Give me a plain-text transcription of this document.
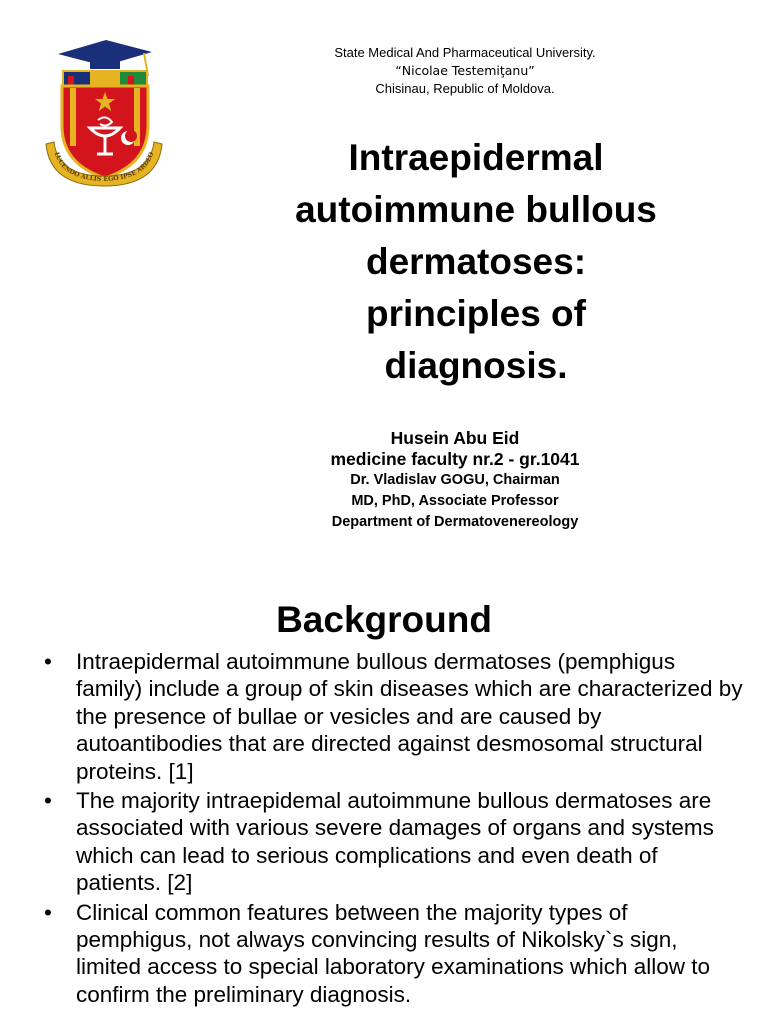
LUCENDO ALLIS EGO IPSE ARDEO
State Medical And Pharmaceutical University.
“Nicolae Testemiţanu”
Chisinau, Republic of Moldova.
Intraepidermal
autoimmune bullous
dermatoses:
principles of
diagnosis.
Husein Abu Eid
medicine faculty nr.2 - gr.1041
Dr. Vladislav GOGU, Chairman
MD, PhD, Associate Professor
Department of Dermatovenereology
Background
• Intraepidermal autoimmune bullous dermatoses (pemphigus family) include a group of skin diseases which are characterized by the presence of bullae or vesicles and are caused by autoantibodies that are directed against desmosomal structural proteins. [1]
• The majority intraepidemal autoimmune bullous dermatoses are associated with various severe damages of organs and systems which can lead to serious complications and even death of patients. [2]
• Clinical common features between the majority types of pemphigus, not always convincing results of Nikolsky`s sign, limited access to special laboratory examinations which allow to confirm the preliminary diagnosis.
